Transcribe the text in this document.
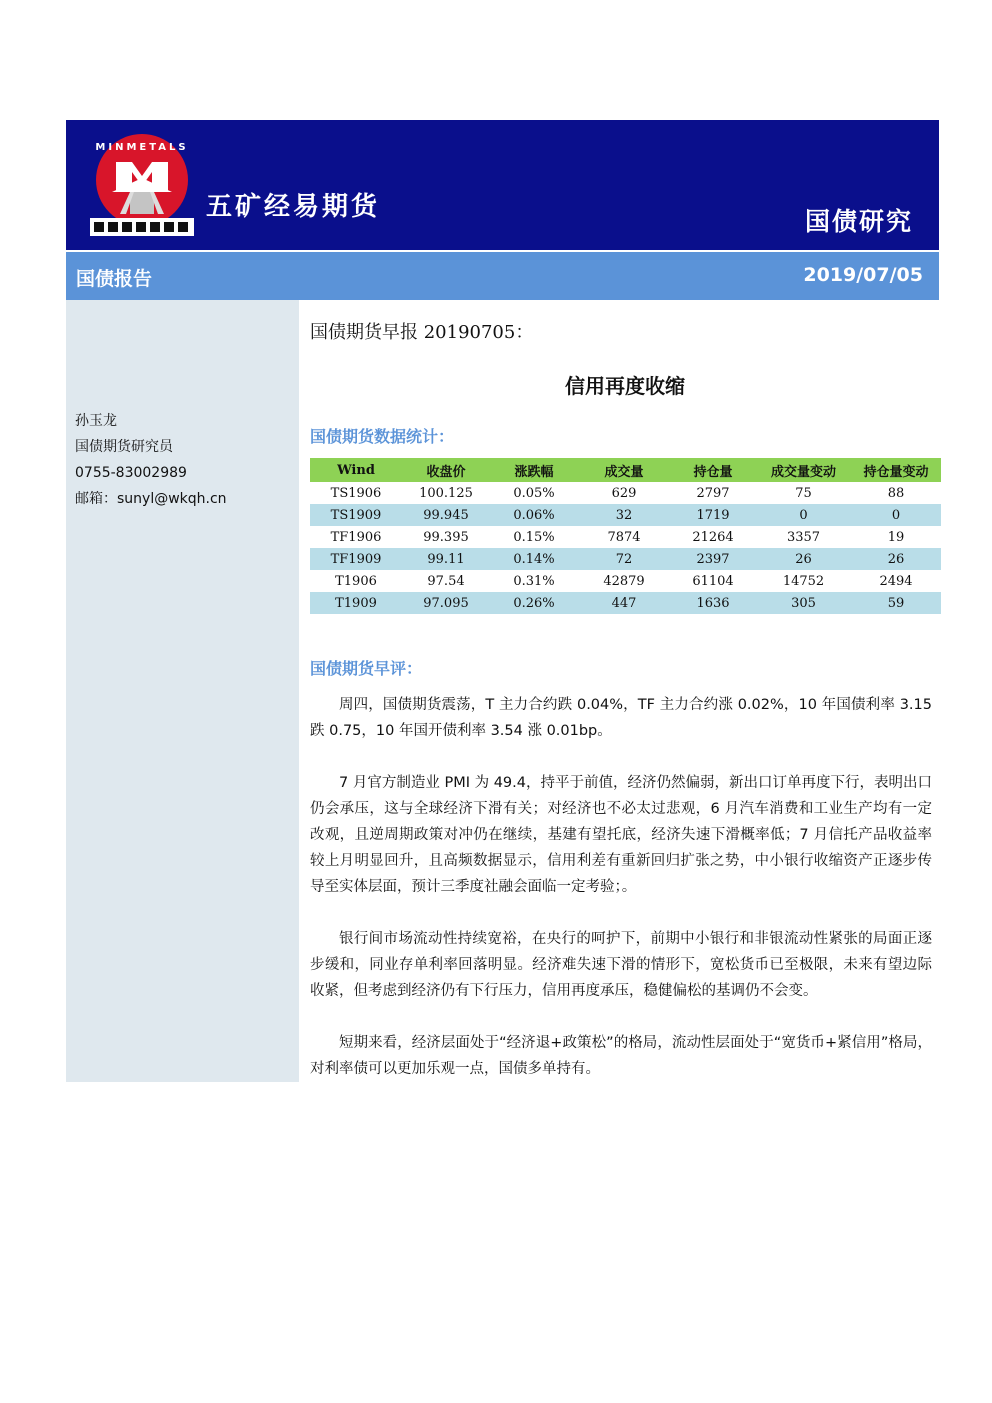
MINMETALS
五矿经易期货	国债研究
国债报告	2019/07/05
孙玉龙
国债期货研究员
0755-83002989
邮箱：sunyl@wkqh.cn
国债期货早报 20190705：
信用再度收缩
国债期货数据统计：
Wind	收盘价	涨跌幅	成交量	持仓量	成交量变动	持仓量变动
TS1906	100.125	0.05%	629	2797	75	88
TS1909	99.945	0.06%	32	1719	0	0
TF1906	99.395	0.15%	7874	21264	3357	19
TF1909	99.11	0.14%	72	2397	26	26
T1906	97.54	0.31%	42879	61104	14752	2494
T1909	97.095	0.26%	447	1636	305	59
国债期货早评：

周四，国债期货震荡，T 主力合约跌 0.04%，TF 主力合约涨 0.02%，10 年国债利率 3.15 跌 0.75，10 年国开债利率 3.54 涨 0.01bp。

7 月官方制造业 PMI 为 49.4，持平于前值，经济仍然偏弱，新出口订单再度下行，表明出口仍会承压，这与全球经济下滑有关；对经济也不必太过悲观，6 月汽车消费和工业生产均有一定改观，且逆周期政策对冲仍在继续，基建有望托底，经济失速下滑概率低；7 月信托产品收益率较上月明显回升，且高频数据显示，信用利差有重新回归扩张之势，中小银行收缩资产正逐步传导至实体层面，预计三季度社融会面临一定考验；。

银行间市场流动性持续宽裕，在央行的呵护下，前期中小银行和非银流动性紧张的局面正逐步缓和，同业存单利率回落明显。经济难失速下滑的情形下，宽松货币已至极限，未来有望边际收紧，但考虑到经济仍有下行压力，信用再度承压，稳健偏松的基调仍不会变。

短期来看，经济层面处于“经济退+政策松”的格局，流动性层面处于“宽货币+紧信用”格局，对利率债可以更加乐观一点，国债多单持有。
